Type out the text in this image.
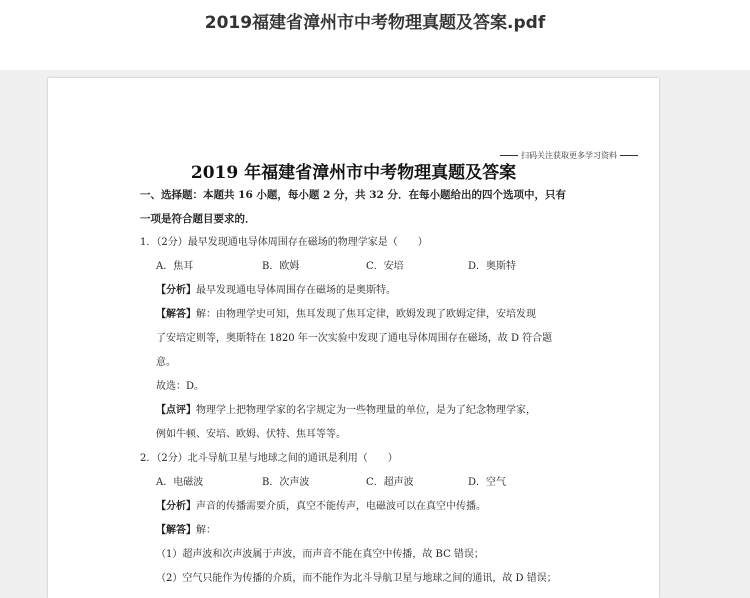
2019福建省漳州市中考物理真题及答案.pdf
扫码关注获取更多学习资料
2019 年福建省漳州市中考物理真题及答案
一、选择题：本题共 16 小题，每小题 2 分，共 32 分．在每小题给出的四个选项中，只有
一项是符合题目要求的．
1．（2分）最早发现通电导体周围存在磁场的物理学家是（　　）
A．焦耳	B．欧姆	C．安培	D．奥斯特
【分析】最早发现通电导体周围存在磁场的是奥斯特。
【解答】解：由物理学史可知，焦耳发现了焦耳定律，欧姆发现了欧姆定律，安培发现
了安培定则等，奥斯特在 1820 年一次实验中发现了通电导体周围存在磁场，故 D 符合题
意。
故选：D。
【点评】物理学上把物理学家的名字规定为一些物理量的单位，是为了纪念物理学家，
例如牛顿、安培、欧姆、伏特、焦耳等等。
2．（2分）北斗导航卫星与地球之间的通讯是利用（　　）
A．电磁波	B．次声波	C．超声波	D．空气
【分析】声音的传播需要介质，真空不能传声，电磁波可以在真空中传播。
【解答】解：
（1）超声波和次声波属于声波，而声音不能在真空中传播，故 BC 错误；
（2）空气只能作为传播的介质，而不能作为北斗导航卫星与地球之间的通讯，故 D 错误；
